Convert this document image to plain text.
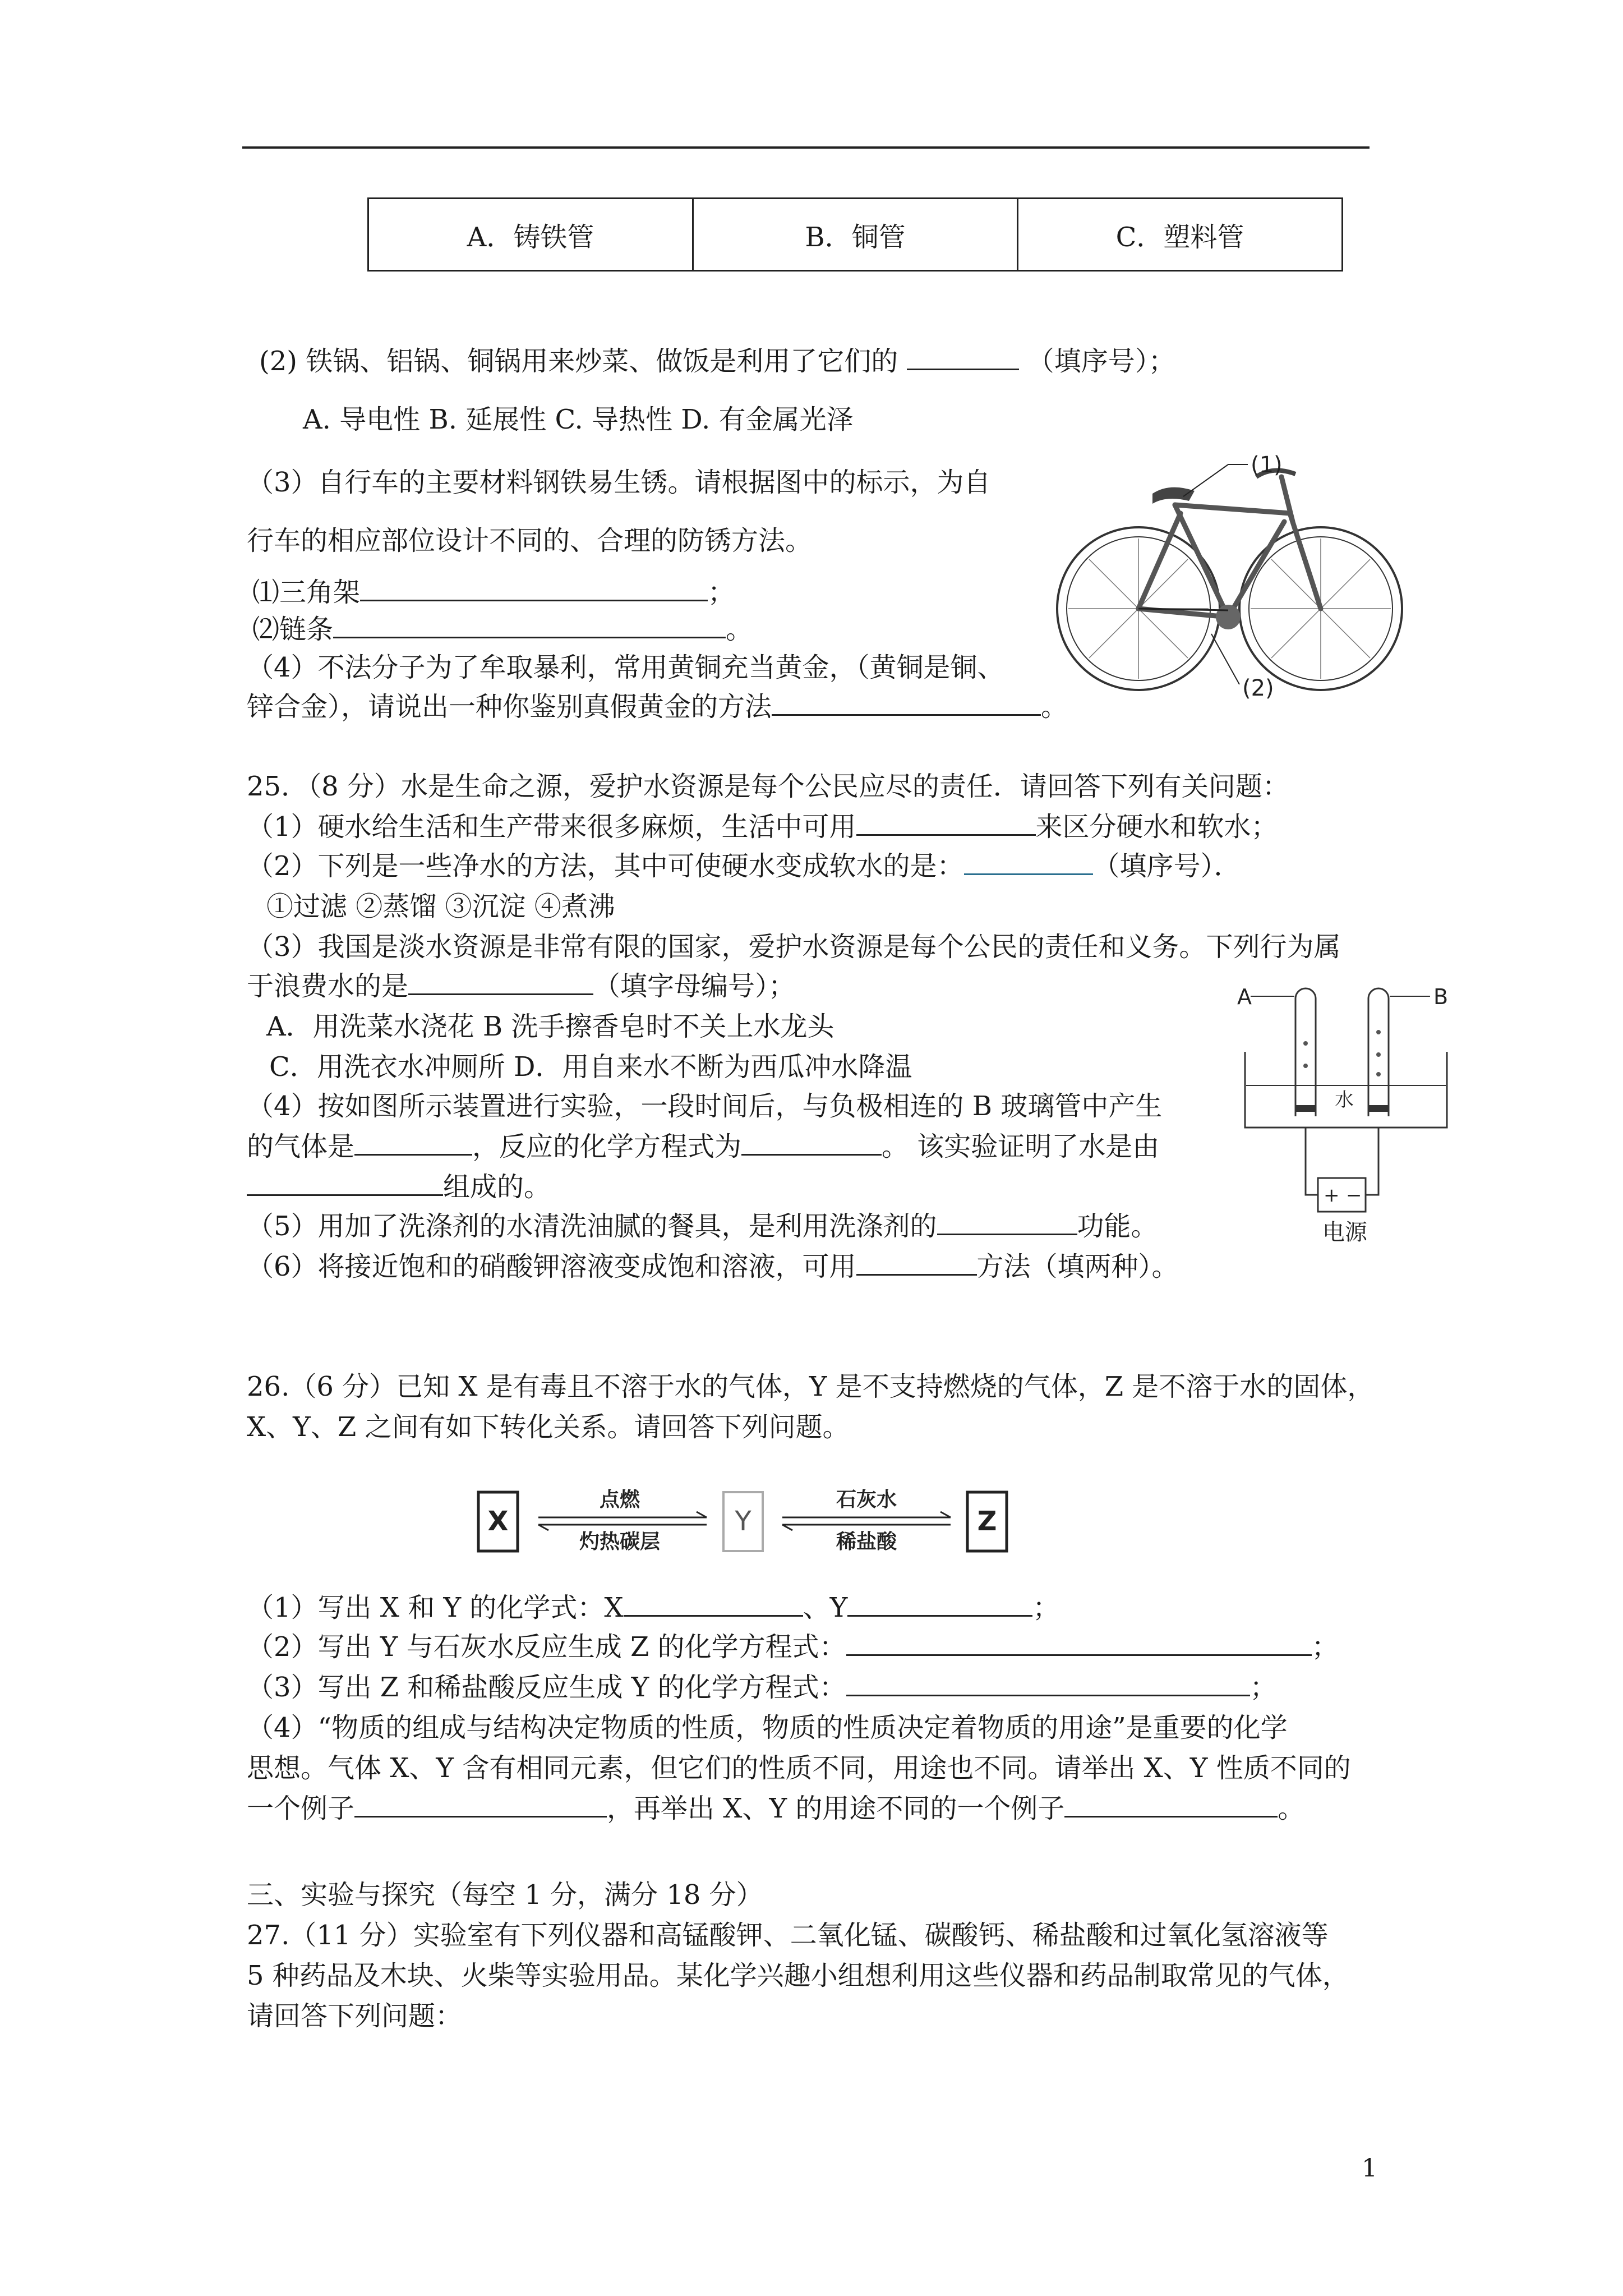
A．铸铁管	B．铜管	C．塑料管
(2) 铁锅、铝锅、铜锅用来炒菜、做饭是利用了它们的	（填序号）；
A. 导电性 B. 延展性 C. 导热性 D. 有金属光泽
（3）自行车的主要材料钢铁易生锈。请根据图中的标示，为自
行车的相应部位设计不同的、合理的防锈方法。
⑴三角架	；
⑵链条	。
（4）不法分子为了牟取暴利，常用黄铜充当黄金，（黄铜是铜、
锌合金），请说出一种你鉴别真假黄金的方法	。
(1)
(2)
25．（8 分）水是生命之源，爱护水资源是每个公民应尽的责任．请回答下列有关问题：
（1）硬水给生活和生产带来很多麻烦，生活中可用	来区分硬水和软水；
（2）下列是一些净水的方法，其中可使硬水变成软水的是：	（填序号）．
①过滤 ②蒸馏 ③沉淀 ④煮沸
（3）我国是淡水资源是非常有限的国家，爱护水资源是每个公民的责任和义务。下列行为属
于浪费水的是	（填字母编号）；
A．用洗菜水浇花 B 洗手擦香皂时不关上水龙头
C．用洗衣水冲厕所 D．用自来水不断为西瓜冲水降温
（4）按如图所示装置进行实验，一段时间后，与负极相连的 B 玻璃管中产生
的气体是	，反应的化学方程式为	。 该实验证明了水是由
组成的。
（5）用加了洗涤剂的水清洗油腻的餐具，是利用洗涤剂的	功能。
（6）将接近饱和的硝酸钾溶液变成饱和溶液，可用	方法（填两种）。
A	B
水
+ −
电源
26.（6 分）已知 X 是有毒且不溶于水的气体，Y 是不支持燃烧的气体，Z 是不溶于水的固体，
X、Y、Z 之间有如下转化关系。请回答下列问题。
X
点燃
灼热碳层
Y
石灰水
稀盐酸
Z
（1）写出 X 和 Y 的化学式：X	、Y	；
（2）写出 Y 与石灰水反应生成 Z 的化学方程式：	；
（3）写出 Z 和稀盐酸反应生成 Y 的化学方程式：	；
（4）“物质的组成与结构决定物质的性质，物质的性质决定着物质的用途”是重要的化学
思想。气体 X、Y 含有相同元素，但它们的性质不同，用途也不同。请举出 X、Y 性质不同的
一个例子	，再举出 X、Y 的用途不同的一个例子	。
三、实验与探究（每空 1 分，满分 18 分）
27.（11 分）实验室有下列仪器和高锰酸钾、二氧化锰、碳酸钙、稀盐酸和过氧化氢溶液等
5 种药品及木块、火柴等实验用品。某化学兴趣小组想利用这些仪器和药品制取常见的气体，
请回答下列问题：
1
